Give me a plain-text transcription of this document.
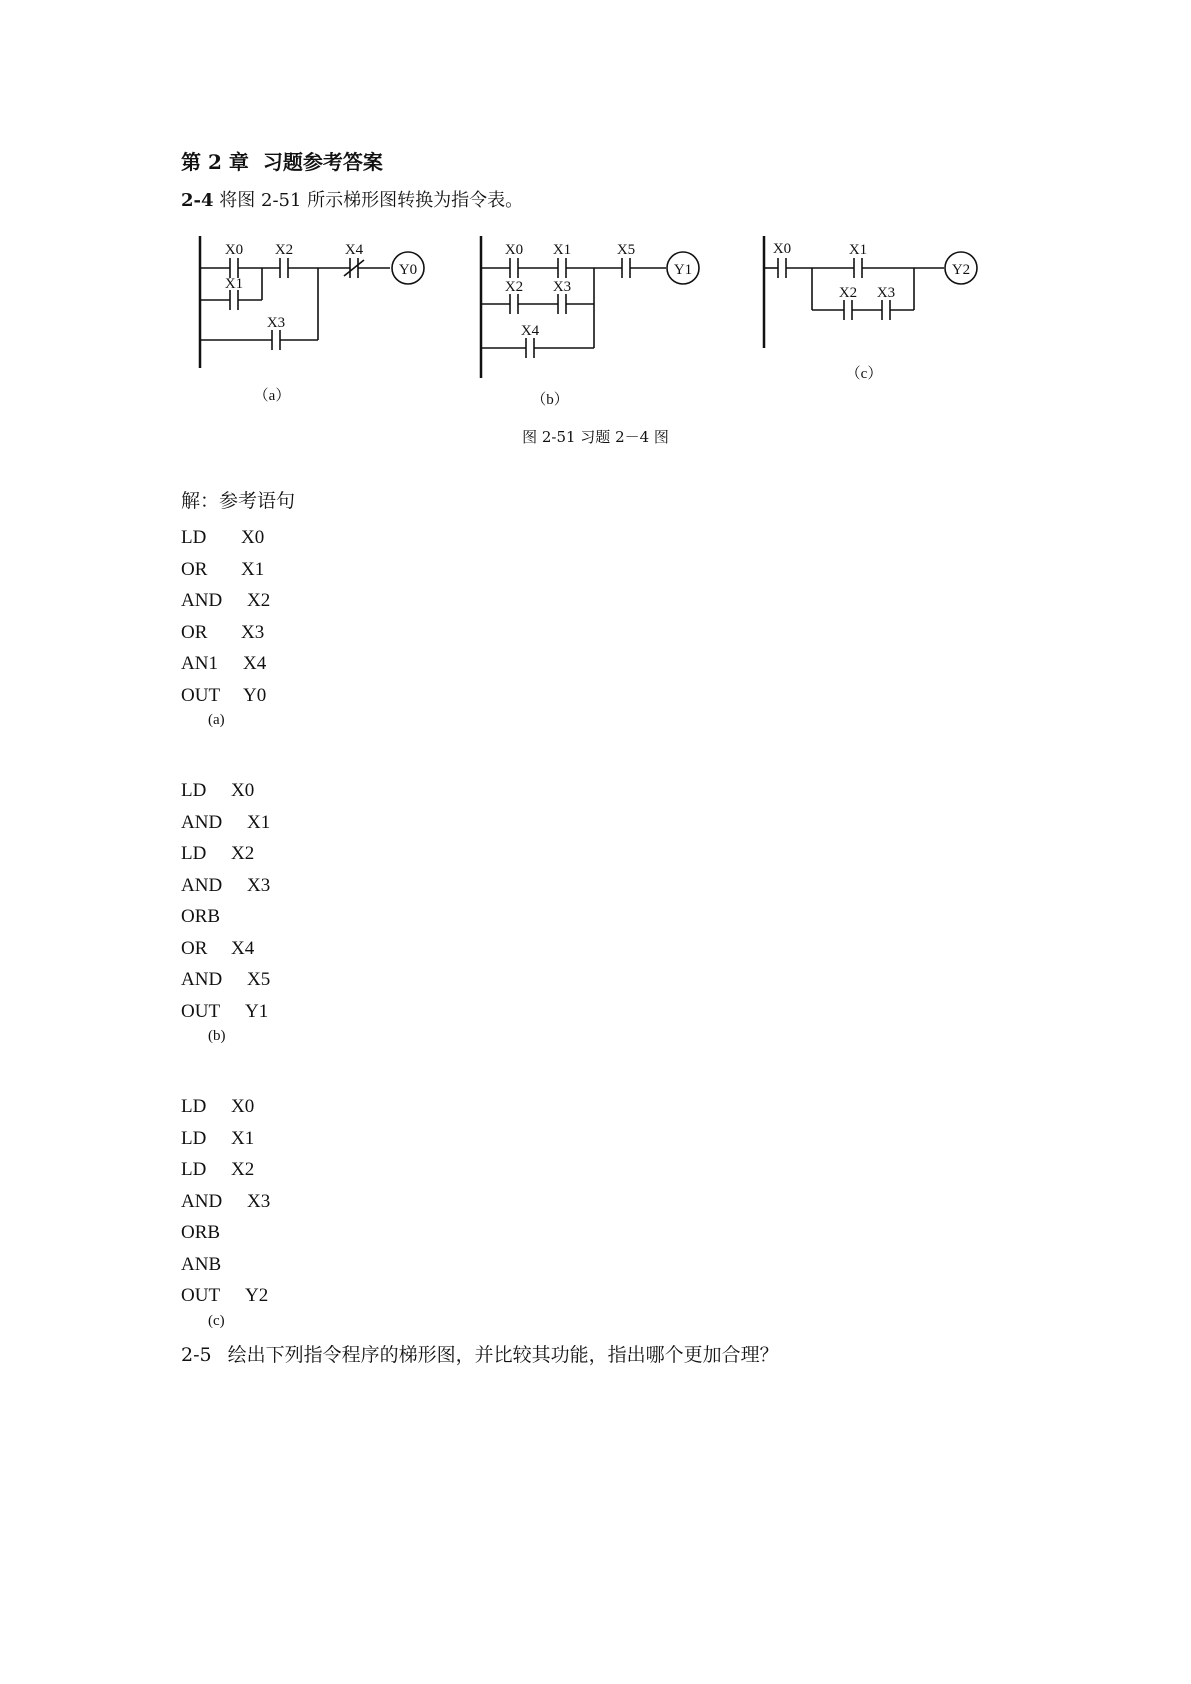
第 2 章 习题参考答案
2-4 将图 2-51 所示梯形图转换为指令表。
X0 X2	X4
X1
X3
Y0
（a）
X0 X1	X5
X2 X3
X4
Y1
（b）
X0	X1
X2 X3
Y2
（c）
图 2-51 习题 2－4 图
解：参考语句
LD X0
OR X1
AND X2
OR X3
AN1 X4
OUT Y0
(a)
LD X0
AND X1
LD X2
AND X3
ORB
OR X4
AND X5
OUT Y1
(b)
LD X0
LD X1
LD X2
AND X3
ORB
ANB
OUT Y2
(c)
2-5 绘出下列指令程序的梯形图，并比较其功能，指出哪个更加合理？
